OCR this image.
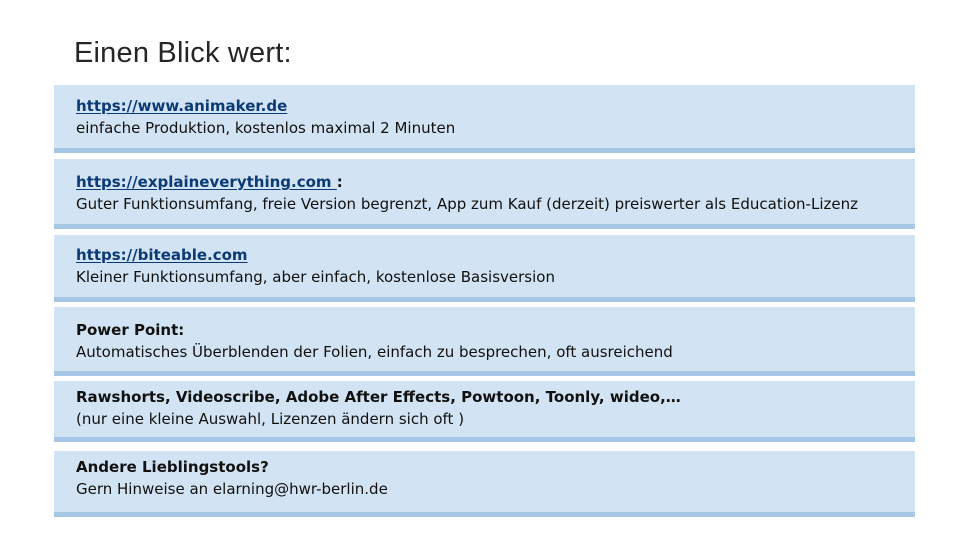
Einen Blick wert:
https://www.animaker.de
einfache Produktion, kostenlos maximal 2 Minuten
https://explaineverything.com :
Guter Funktionsumfang, freie Version begrenzt, App zum Kauf (derzeit) preiswerter als Education-Lizenz
https://biteable.com
Kleiner Funktionsumfang, aber einfach, kostenlose Basisversion
Power Point:
Automatisches Überblenden der Folien, einfach zu besprechen, oft ausreichend
Rawshorts, Videoscribe, Adobe After Effects, Powtoon, Toonly, wideo,…
(nur eine kleine Auswahl, Lizenzen ändern sich oft )
Andere Lieblingstools?
Gern Hinweise an elarning@hwr-berlin.de
